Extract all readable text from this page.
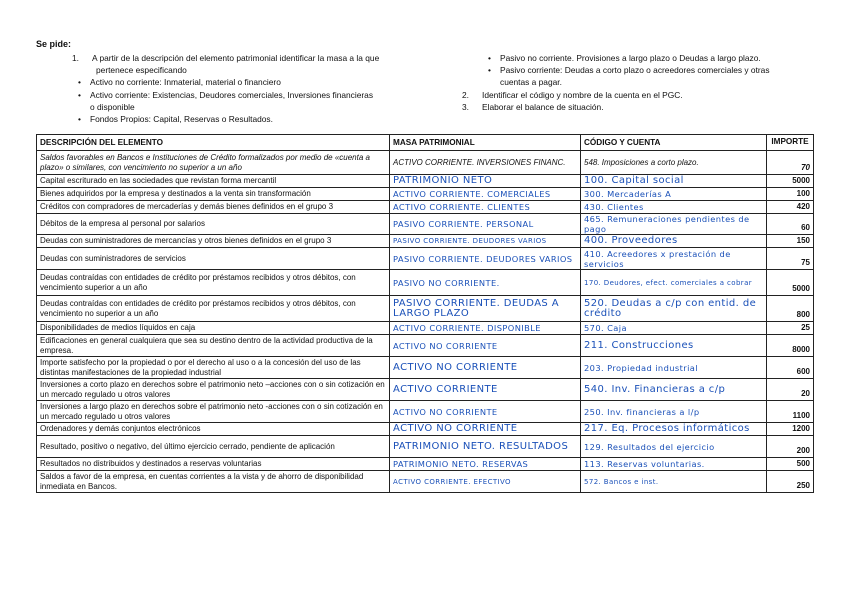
Se pide:
1. A partir de la descripción del elemento patrimonial identificar la masa a la que
pertenece especificando
• Activo no corriente: Inmaterial, material o financiero
• Activo corriente: Existencias, Deudores comerciales, Inversiones financieras
o disponible
• Fondos Propios: Capital, Reservas o Resultados.
• Pasivo no corriente. Provisiones a largo plazo o Deudas a largo plazo.
• Pasivo corriente: Deudas a corto plazo o acreedores comerciales y otras
cuentas a pagar.
2. Identificar el código y nombre de la cuenta en el PGC.
3. Elaborar el balance de situación.
DESCRIPCIÓN DEL ELEMENTO	MASA PATRIMONIAL	CÓDIGO Y CUENTA	IMPORTE
Saldos favorables en Bancos e Instituciones de Crédito formalizados por medio de «cuenta a plazo» o similares, con vencimiento no superior a un año	ACTIVO CORRIENTE. INVERSIONES FINANC.	548. Imposiciones a corto plazo.	70
Capital escriturado en las sociedades que revistan forma mercantil	PATRIMONIO NETO	100. Capital social	5000
Bienes adquiridos por la empresa y destinados a la venta sin transformación	ACTIVO CORRIENTE. COMERCIALES	300. Mercaderías A	100
Créditos con compradores de mercaderías y demás bienes definidos en el grupo 3	ACTIVO CORRIENTE. CLIENTES	430. Clientes	420
Débitos de la empresa al personal por salarios	PASIVO CORRIENTE. PERSONAL	465. Remuneraciones pendientes de pago	60
Deudas con suministradores de mercancías y otros bienes definidos en el grupo 3	PASIVO CORRIENTE. DEUDORES VARIOS	400. Proveedores	150
Deudas con suministradores de servicios	PASIVO CORRIENTE. DEUDORES VARIOS	410. Acreedores x prestación de servicios	75
Deudas contraídas con entidades de crédito por préstamos recibidos y otros débitos, con vencimiento superior a un año	PASIVO NO CORRIENTE.	170. Deudores, efect. comerciales a cobrar	5000
Deudas contraídas con entidades de crédito por préstamos recibidos y otros débitos, con vencimiento no superior a un año	PASIVO CORRIENTE. DEUDAS A LARGO PLAZO	520. Deudas a c/p con entid. de crédito	800
Disponibilidades de medios líquidos en caja	ACTIVO CORRIENTE. DISPONIBLE	570. Caja	25
Edificaciones en general cualquiera que sea su destino dentro de la actividad productiva de la empresa.	ACTIVO NO CORRIENTE	211. Construcciones	8000
Importe satisfecho por la propiedad o por el derecho al uso o a la concesión del uso de las distintas manifestaciones de la propiedad industrial	ACTIVO NO CORRIENTE	203. Propiedad industrial	600
Inversiones a corto plazo en derechos sobre el patrimonio neto –acciones con o sin cotización en un mercado regulado u otros valores	ACTIVO CORRIENTE	540. Inv. Financieras a c/p	20
Inversiones a largo plazo en derechos sobre el patrimonio neto -acciones con o sin cotización en un mercado regulado u otros valores	ACTIVO NO CORRIENTE	250. Inv. financieras a l/p	1100
Ordenadores y demás conjuntos electrónicos	ACTIVO NO CORRIENTE	217. Eq. Procesos informáticos	1200
Resultado, positivo o negativo, del último ejercicio cerrado, pendiente de aplicación	PATRIMONIO NETO. RESULTADOS	129. Resultados del ejercicio	200
Resultados no distribuidos y destinados a reservas voluntarias	PATRIMONIO NETO. RESERVAS	113. Reservas voluntarias.	500
Saldos a favor de la empresa, en cuentas corrientes a la vista y de ahorro de disponibilidad inmediata en Bancos.	ACTIVO CORRIENTE. EFECTIVO	572. Bancos e inst.	250
